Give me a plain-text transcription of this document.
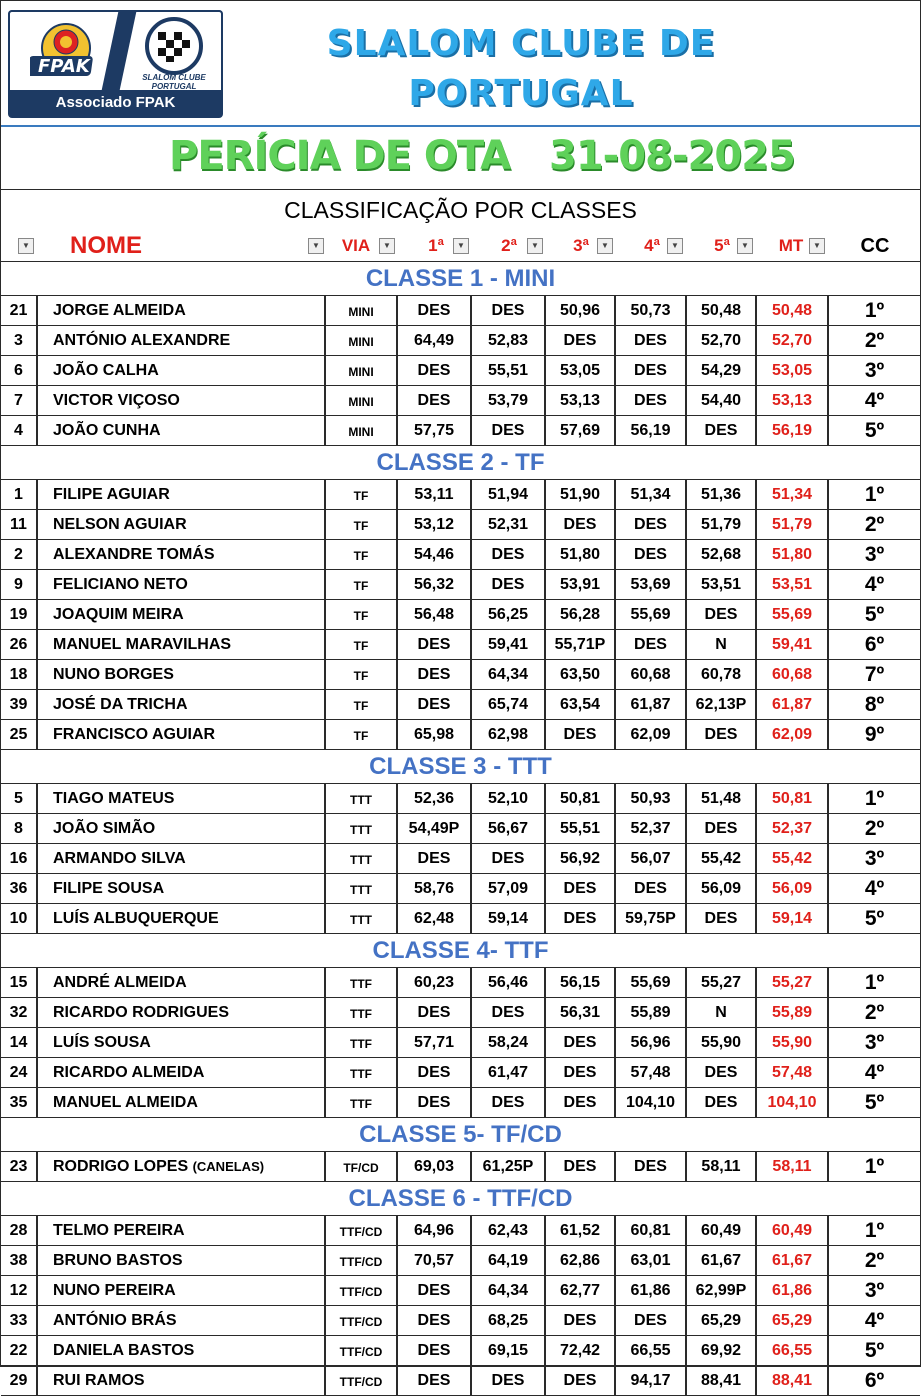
FPAK
SLALOM CLUBE PORTUGAL
Associado FPAK
SLALOM CLUBE DE
PORTUGAL
PERÍCIA DE OTA 31-08-2025
CLASSIFICAÇÃO POR CLASSES
▼	NOME	▼	VIA	▼	1ª	▼	2ª	▼	3ª	▼	4ª	▼	5ª	▼	MT	▼	CC
CLASSE 1 - MINI
21	JORGE ALMEIDA	MINI	DES	DES	50,96	50,73	50,48	50,48	1º
3	ANTÓNIO ALEXANDRE	MINI	64,49	52,83	DES	DES	52,70	52,70	2º
6	JOÃO CALHA	MINI	DES	55,51	53,05	DES	54,29	53,05	3º
7	VICTOR VIÇOSO	MINI	DES	53,79	53,13	DES	54,40	53,13	4º
4	JOÃO CUNHA	MINI	57,75	DES	57,69	56,19	DES	56,19	5º
CLASSE 2 - TF
1	FILIPE AGUIAR	TF	53,11	51,94	51,90	51,34	51,36	51,34	1º
11	NELSON AGUIAR	TF	53,12	52,31	DES	DES	51,79	51,79	2º
2	ALEXANDRE TOMÁS	TF	54,46	DES	51,80	DES	52,68	51,80	3º
9	FELICIANO NETO	TF	56,32	DES	53,91	53,69	53,51	53,51	4º
19	JOAQUIM MEIRA	TF	56,48	56,25	56,28	55,69	DES	55,69	5º
26	MANUEL MARAVILHAS	TF	DES	59,41	55,71P	DES	N	59,41	6º
18	NUNO BORGES	TF	DES	64,34	63,50	60,68	60,78	60,68	7º
39	JOSÉ DA TRICHA	TF	DES	65,74	63,54	61,87	62,13P	61,87	8º
25	FRANCISCO AGUIAR	TF	65,98	62,98	DES	62,09	DES	62,09	9º
CLASSE 3 - TTT
5	TIAGO MATEUS	TTT	52,36	52,10	50,81	50,93	51,48	50,81	1º
8	JOÃO SIMÃO	TTT	54,49P	56,67	55,51	52,37	DES	52,37	2º
16	ARMANDO SILVA	TTT	DES	DES	56,92	56,07	55,42	55,42	3º
36	FILIPE SOUSA	TTT	58,76	57,09	DES	DES	56,09	56,09	4º
10	LUÍS ALBUQUERQUE	TTT	62,48	59,14	DES	59,75P	DES	59,14	5º
CLASSE 4- TTF
15	ANDRÉ ALMEIDA	TTF	60,23	56,46	56,15	55,69	55,27	55,27	1º
32	RICARDO RODRIGUES	TTF	DES	DES	56,31	55,89	N	55,89	2º
14	LUÍS SOUSA	TTF	57,71	58,24	DES	56,96	55,90	55,90	3º
24	RICARDO ALMEIDA	TTF	DES	61,47	DES	57,48	DES	57,48	4º
35	MANUEL ALMEIDA	TTF	DES	DES	DES	104,10	DES	104,10	5º
CLASSE 5- TF/CD
23	RODRIGO LOPES (CANELAS)	TF/CD	69,03	61,25P	DES	DES	58,11	58,11	1º
CLASSE 6 - TTF/CD
28	TELMO PEREIRA	TTF/CD	64,96	62,43	61,52	60,81	60,49	60,49	1º
38	BRUNO BASTOS	TTF/CD	70,57	64,19	62,86	63,01	61,67	61,67	2º
12	NUNO PEREIRA	TTF/CD	DES	64,34	62,77	61,86	62,99P	61,86	3º
33	ANTÓNIO BRÁS	TTF/CD	DES	68,25	DES	DES	65,29	65,29	4º
22	DANIELA BASTOS	TTF/CD	DES	69,15	72,42	66,55	69,92	66,55	5º
29	RUI RAMOS	TTF/CD	DES	DES	DES	94,17	88,41	88,41	6º
